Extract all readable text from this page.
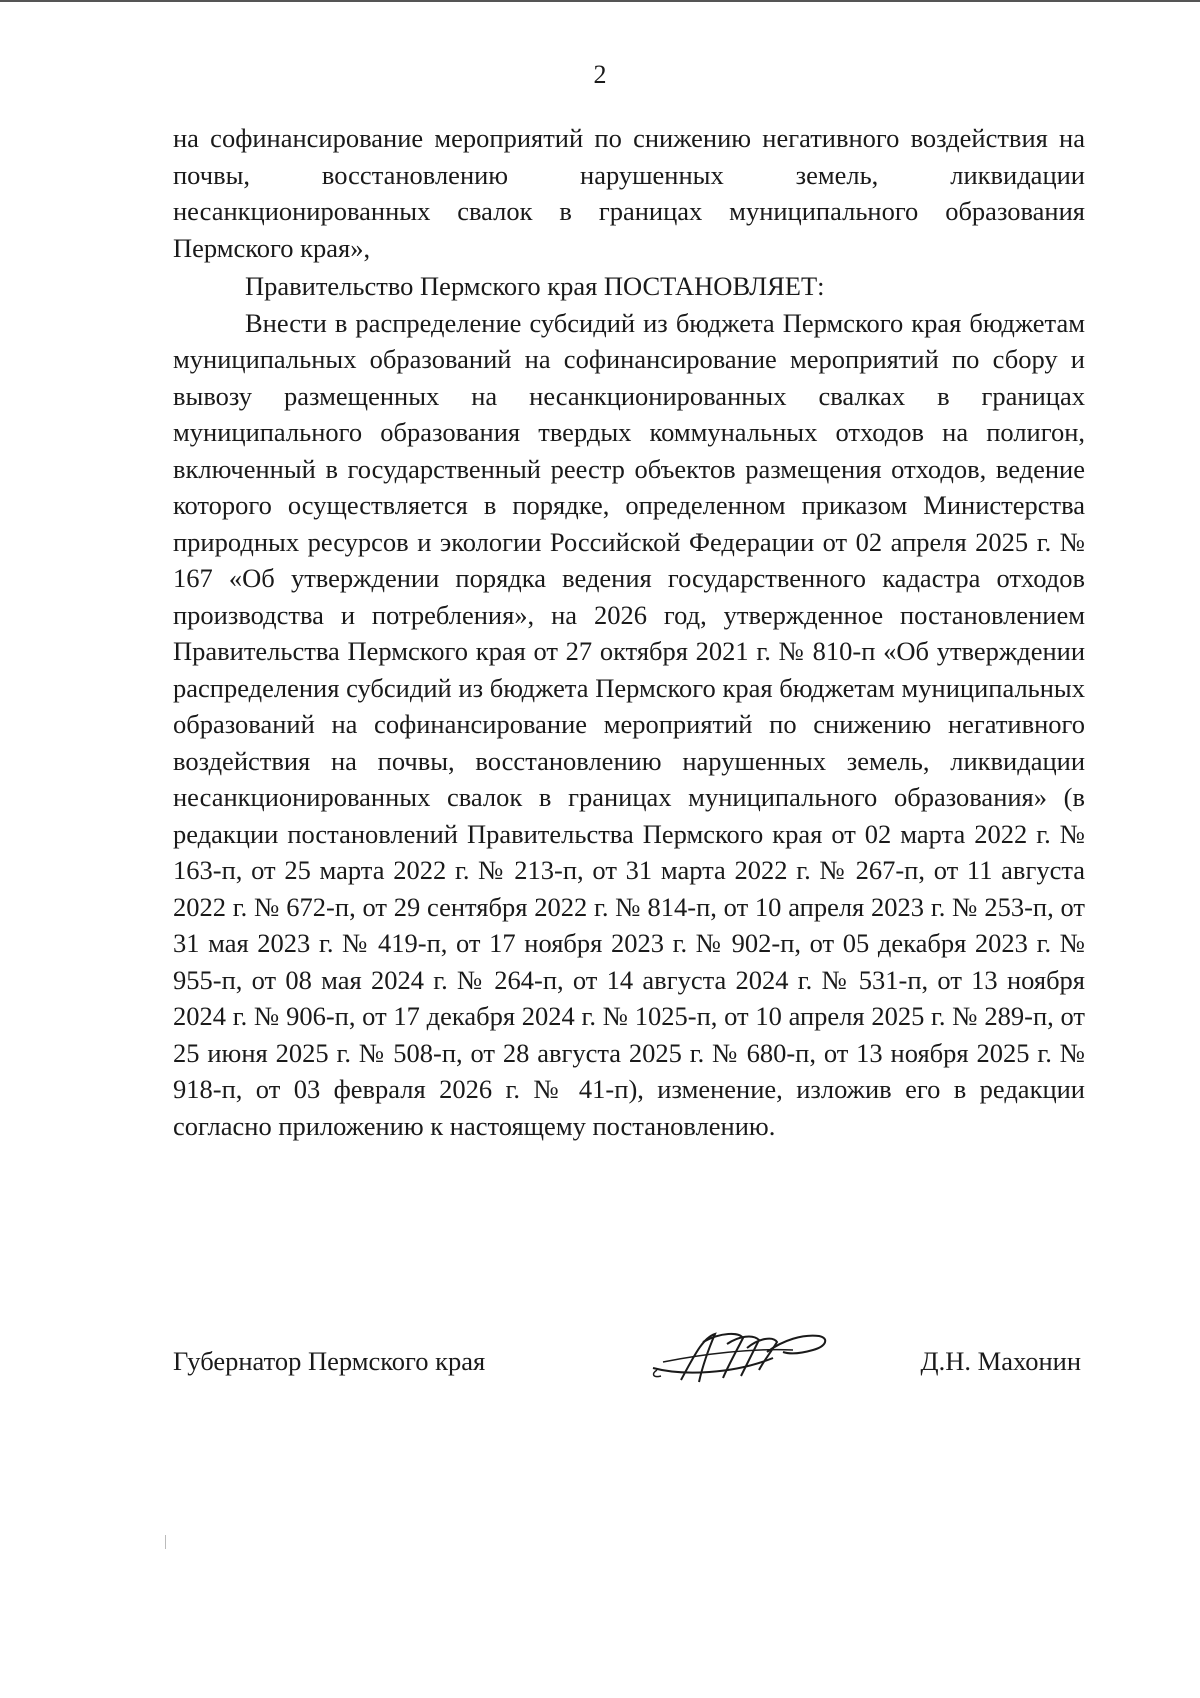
2

на софинансирование мероприятий по снижению негативного воздействия на почвы, восстановлению нарушенных земель, ликвидации несанкционированных свалок в границах муниципального образования Пермского края»,

Правительство Пермского края ПОСТАНОВЛЯЕТ:

Внести в распределение субсидий из бюджета Пермского края бюджетам муниципальных образований на софинансирование мероприятий по сбору и вывозу размещенных на несанкционированных свалках в границах муниципального образования твердых коммунальных отходов на полигон, включенный в государственный реестр объектов размещения отходов, ведение которого осуществляется в порядке, определенном приказом Министерства природных ресурсов и экологии Российской Федерации от 02 апреля 2025 г. № 167 «Об утверждении порядка ведения государственного кадастра отходов производства и потребления», на 2026 год, утвержденное постановлением Правительства Пермского края от 27 октября 2021 г. № 810-п «Об утверждении распределения субсидий из бюджета Пермского края бюджетам муниципальных образований на софинансирование мероприятий по снижению негативного воздействия на почвы, восстановлению нарушенных земель, ликвидации несанкционированных свалок в границах муниципального образования» (в редакции постановлений Правительства Пермского края от 02 марта 2022 г. № 163-п, от 25 марта 2022 г. № 213-п, от 31 марта 2022 г. № 267-п, от 11 августа 2022 г. № 672-п, от 29 сентября 2022 г. № 814-п, от 10 апреля 2023 г. № 253-п, от 31 мая 2023 г. № 419-п, от 17 ноября 2023 г. № 902-п, от 05 декабря 2023 г. № 955-п, от 08 мая 2024 г. № 264-п, от 14 августа 2024 г. № 531-п, от 13 ноября 2024 г. № 906-п, от 17 декабря 2024 г. № 1025-п, от 10 апреля 2025 г. № 289-п, от 25 июня 2025 г. № 508-п, от 28 августа 2025 г. № 680-п, от 13 ноября 2025 г. № 918-п, от 03 февраля 2026 г. № 41-п), изменение, изложив его в редакции согласно приложению к настоящему постановлению.

Губернатор Пермского края	Д.Н. Махонин
